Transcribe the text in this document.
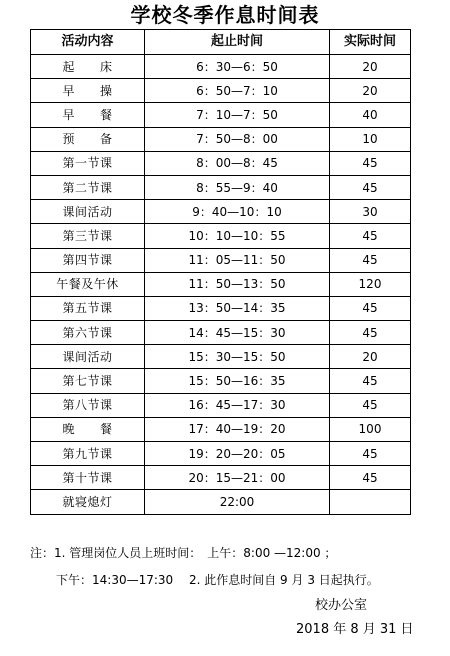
学校冬季作息时间表
活动内容	起止时间	实际时间
起　　床	6：30—6：50	20
早　　操	6：50—7：10	20
早　　餐	7：10—7：50	40
预　　备	7：50—8：00	10
第一节课	8：00—8：45	45
第二节课	8：55—9：40	45
课间活动	9：40—10：10	30
第三节课	10：10—10：55	45
第四节课	11：05—11：50	45
午餐及午休	11：50—13：50	120
第五节课	13：50—14：35	45
第六节课	14：45—15：30	45
课间活动	15：30—15：50	20
第七节课	15：50—16：35	45
第八节课	16：45—17：30	45
晚　　餐	17：40—19：20	100
第九节课	19：20—20：05	45
第十节课	20：15—21：00	45
就寝熄灯	22:00	
注：1. 管理岗位人员上班时间：　上午：8:00 —12:00 ；
下午：14:30—17:30　 2. 此作息时间自 9 月 3 日起执行。
校办公室
2018 年 8 月 31 日
